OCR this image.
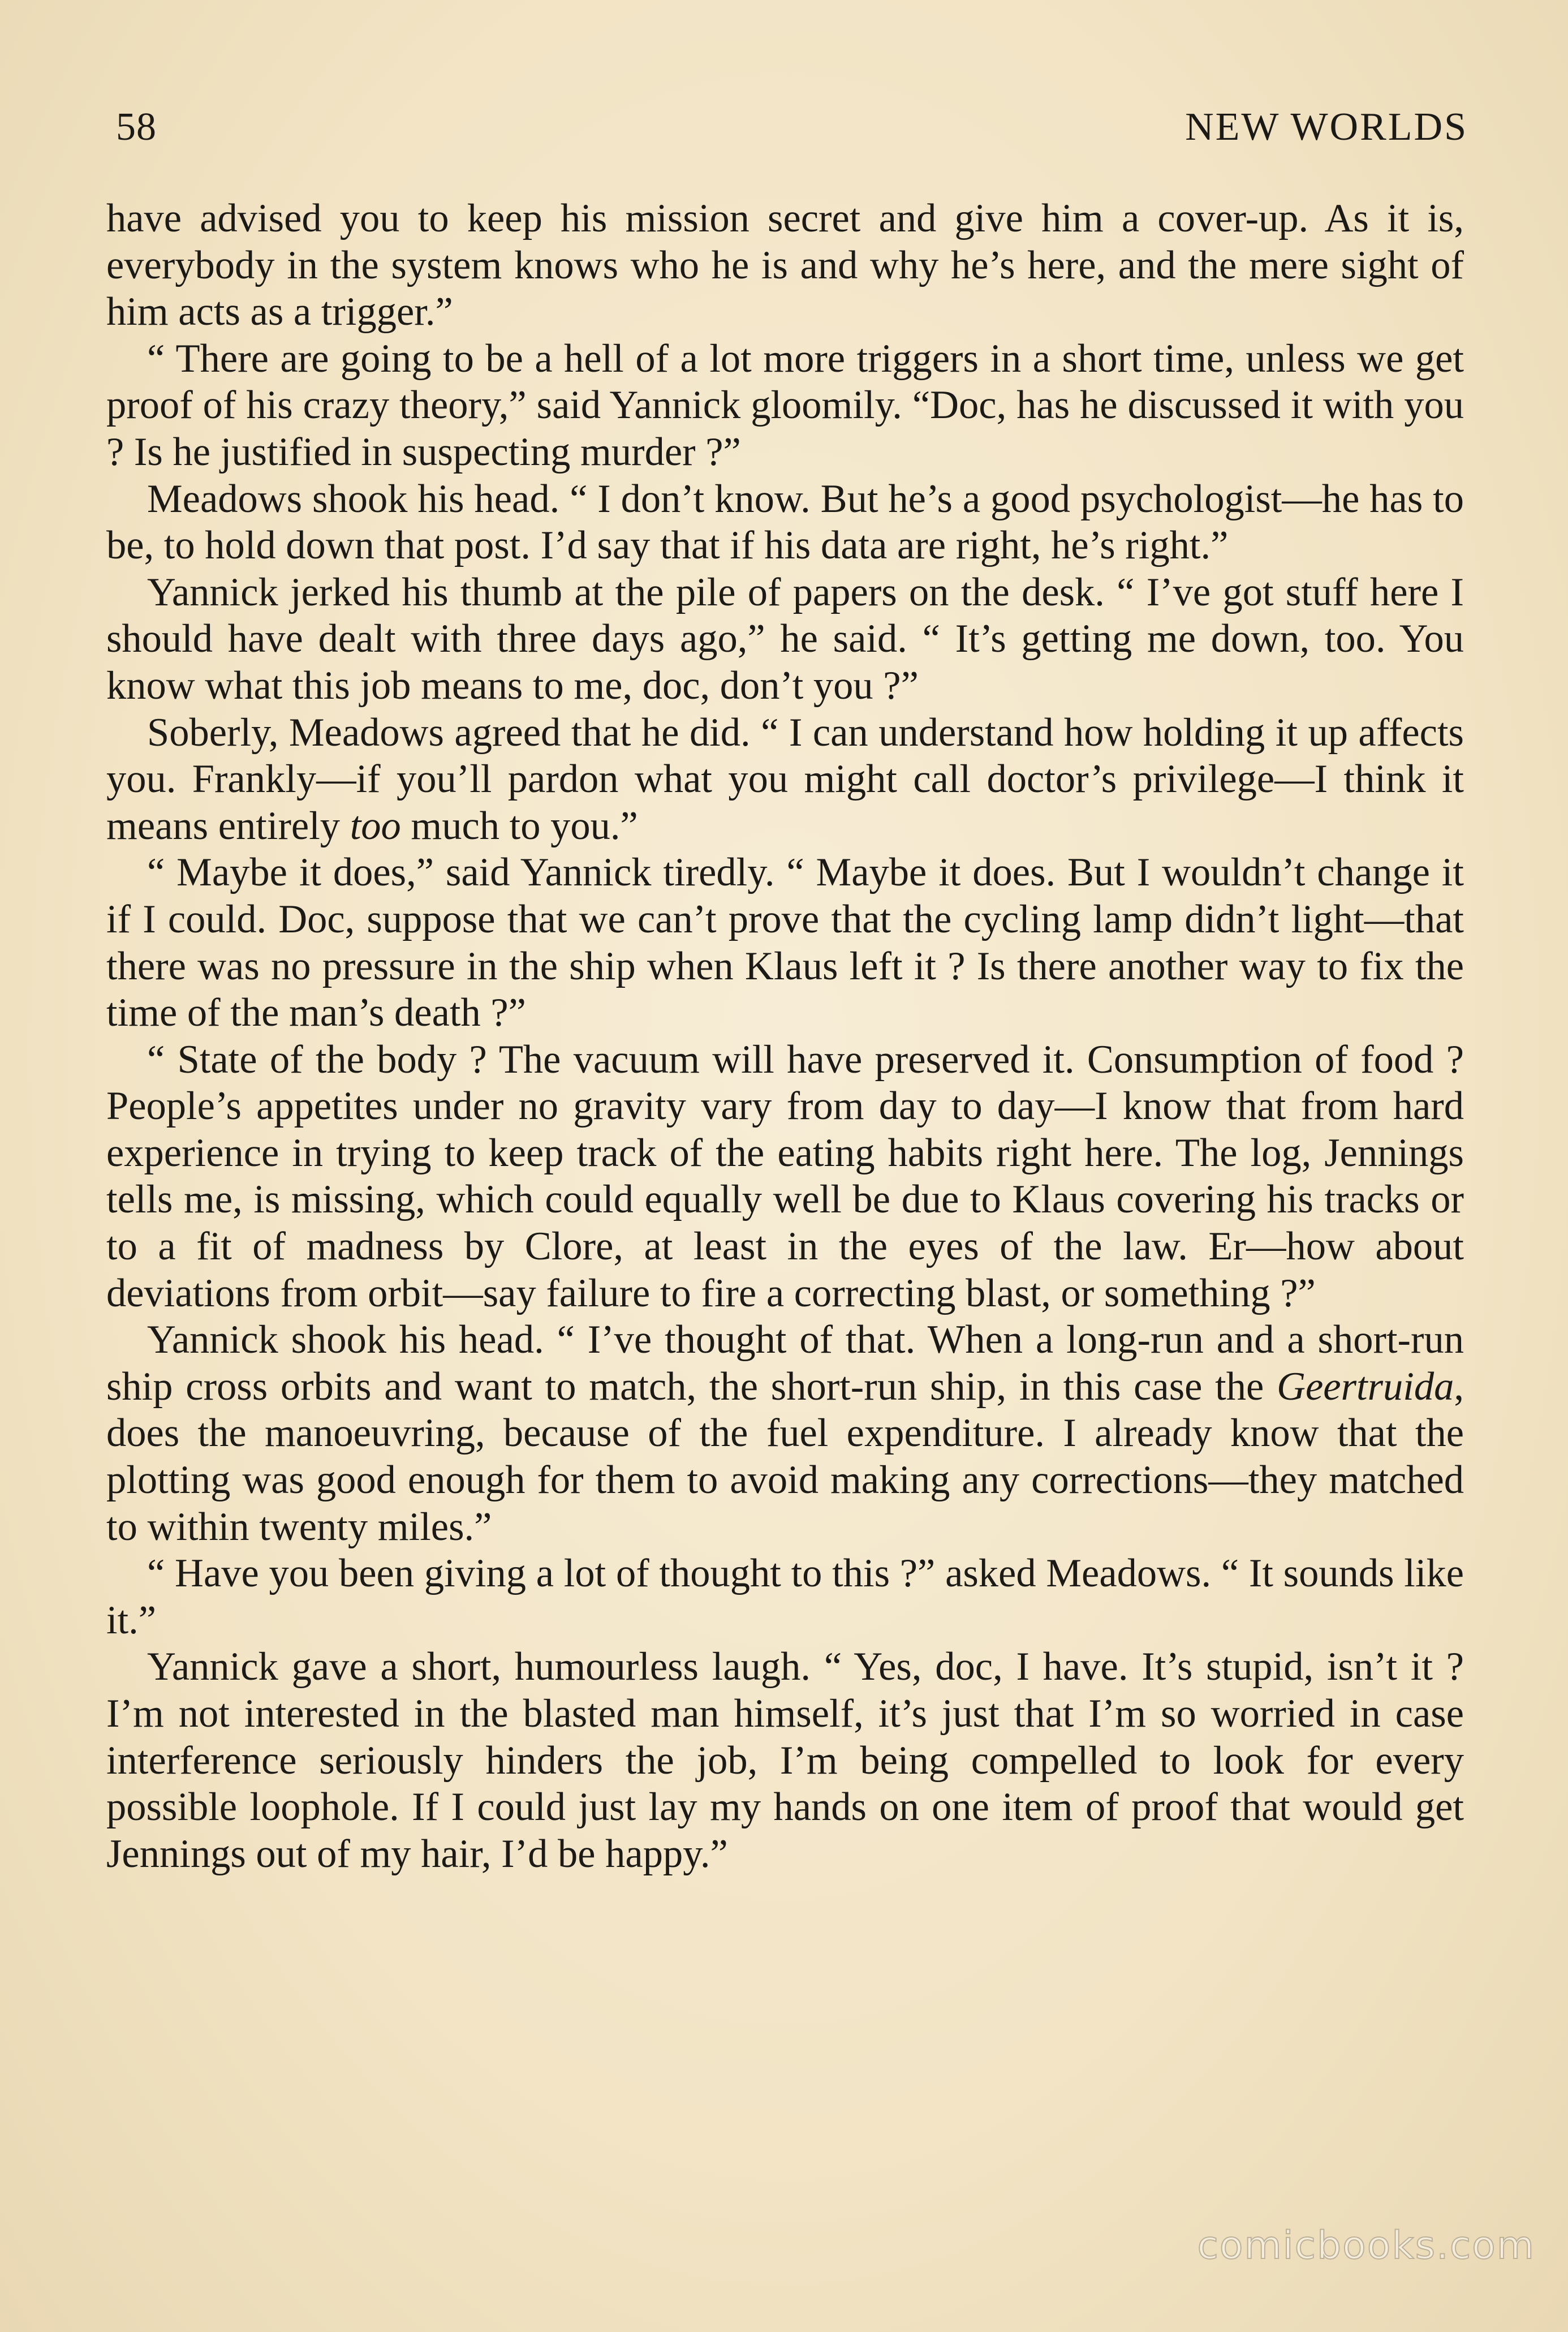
58	NEW WORLDS

have advised you to keep his mission secret and give him a cover-up. As it is, everybody in the system knows who he is and why he’s here, and the mere sight of him acts as a trigger.”

“ There are going to be a hell of a lot more triggers in a short time, unless we get proof of his crazy theory,” said Yannick gloomily. “Doc, has he discussed it with you ? Is he justified in suspecting murder ?”

Meadows shook his head. “ I don’t know. But he’s a good psychologist—he has to be, to hold down that post. I’d say that if his data are right, he’s right.”

Yannick jerked his thumb at the pile of papers on the desk. “ I’ve got stuff here I should have dealt with three days ago,” he said. “ It’s getting me down, too. You know what this job means to me, doc, don’t you ?”

Soberly, Meadows agreed that he did. “ I can understand how holding it up affects you. Frankly—if you’ll pardon what you might call doctor’s privilege—I think it means entirely too much to you.”

“ Maybe it does,” said Yannick tiredly. “ Maybe it does. But I wouldn’t change it if I could. Doc, suppose that we can’t prove that the cycling lamp didn’t light—that there was no pressure in the ship when Klaus left it ? Is there another way to fix the time of the man’s death ?”

“ State of the body ? The vacuum will have preserved it. Consumption of food ? People’s appetites under no gravity vary from day to day—I know that from hard experience in trying to keep track of the eating habits right here. The log, Jennings tells me, is missing, which could equally well be due to Klaus covering his tracks or to a fit of madness by Clore, at least in the eyes of the law. Er—how about deviations from orbit—say failure to fire a correcting blast, or something ?”

Yannick shook his head. “ I’ve thought of that. When a long-run and a short-run ship cross orbits and want to match, the short-run ship, in this case the Geertruida, does the manoeuvring, because of the fuel expenditure. I already know that the plotting was good enough for them to avoid making any corrections—they matched to within twenty miles.”

“ Have you been giving a lot of thought to this ?” asked Meadows. “ It sounds like it.”

Yannick gave a short, humourless laugh. “ Yes, doc, I have. It’s stupid, isn’t it ? I’m not interested in the blasted man himself, it’s just that I’m so worried in case interference seriously hinders the job, I’m being compelled to look for every possible loophole. If I could just lay my hands on one item of proof that would get Jennings out of my hair, I’d be happy.”

comicbooks.com
